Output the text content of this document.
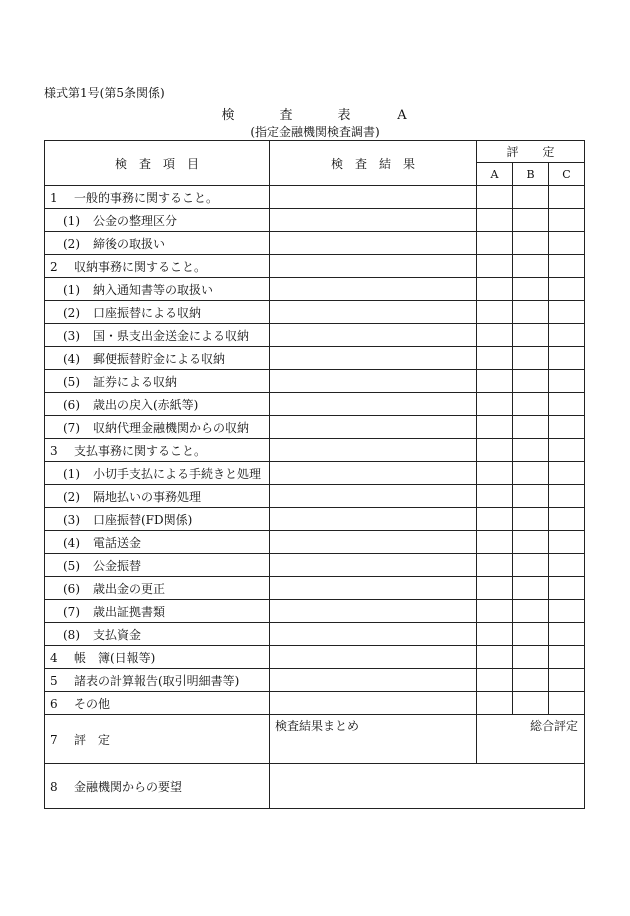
様式第1号(第5条関係)
検	査	表	A
(指定金融機関検査調書)
検　査　項　目	検　査　結　果	評　　定		
		A	B	C
1 一般的事務に関すること。				
(1) 公金の整理区分				
(2) 締後の取扱い				
2 収納事務に関すること。				
(1) 納入通知書等の取扱い				
(2) 口座振替による収納				
(3) 国・県支出金送金による収納				
(4) 郵便振替貯金による収納				
(5) 証券による収納				
(6) 歳出の戻入(赤紙等)				
(7) 収納代理金融機関からの収納				
3 支払事務に関すること。				
(1) 小切手支払による手続きと処理				
(2) 隔地払いの事務処理				
(3) 口座振替(FD関係)				
(4) 電話送金				
(5) 公金振替				
(6) 歳出金の更正				
(7) 歳出証拠書類				
(8) 支払資金				
4 帳　簿(日報等)				
5 諸表の計算報告(取引明細書等)				
6 その他				
7 評　定	検査結果まとめ	総合評定		
8 金融機関からの要望				
